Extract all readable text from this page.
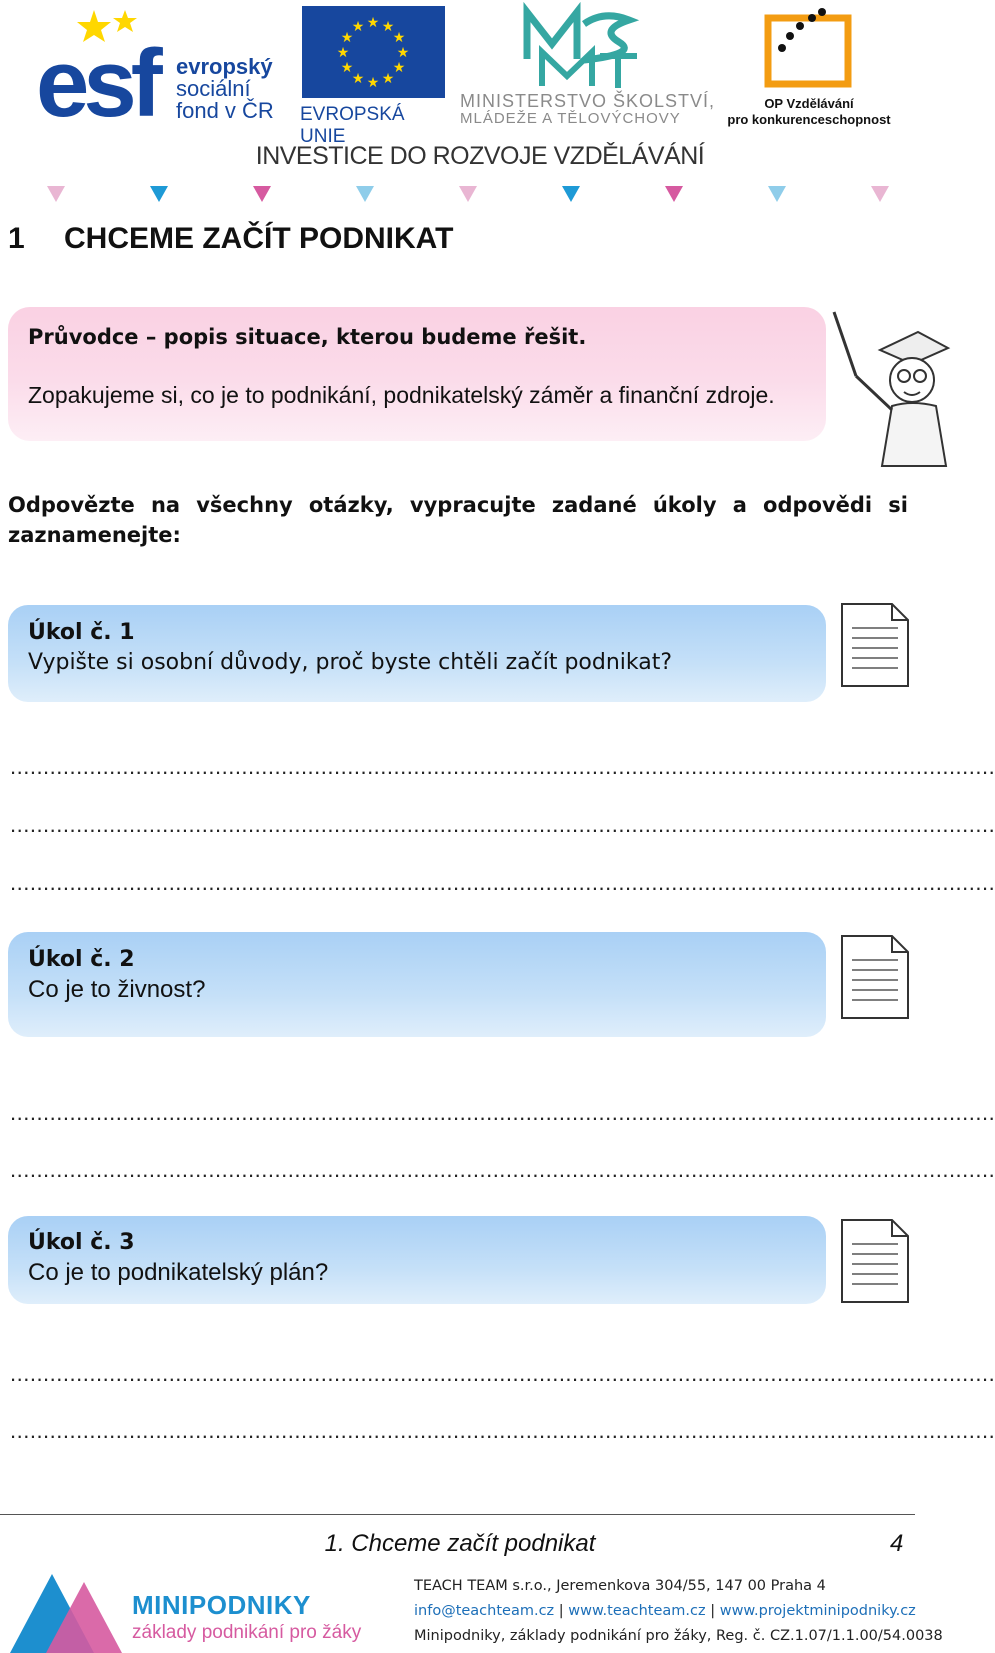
esf evropský
sociální
fond v ČR
★
★
★
★
★
★
★
★
★ ★ ★
★
EVROPSKÁ UNIE
MINISTERSTVO ŠKOLSTVÍ,
MLÁDEŽE A TĚLOVÝCHOVY
OP Vzdělávání
pro konkurenceschopnost
INVESTICE DO ROZVOJE VZDĚLÁVÁNÍ
1 CHCEME ZAČÍT PODNIKAT
Průvodce – popis situace, kterou budeme řešit.
Zopakujeme si, co je to podnikání, podnikatelský záměr a finanční zdroje.
Odpovězte na všechny otázky, vypracujte zadané úkoly a odpovědi si zaznamenejte:
Úkol č. 1
Vypište si osobní důvody, proč byste chtěli začít podnikat?
.....................................................................................................................................................
.....................................................................................................................................................
.....................................................................................................................................................
Úkol č. 2
Co je to živnost?
.....................................................................................................................................................
.....................................................................................................................................................
Úkol č. 3
Co je to podnikatelský plán?
.....................................................................................................................................................
.....................................................................................................................................................
1. Chceme začít podnikat	4
MINIPODNIKY
základy podnikání pro žáky
TEACH TEAM s.r.o., Jeremenkova 304/55, 147 00 Praha 4
info@teachteam.cz | www.teachteam.cz | www.projektminipodniky.cz
Minipodniky, základy podnikání pro žáky, Reg. č. CZ.1.07/1.1.00/54.0038
